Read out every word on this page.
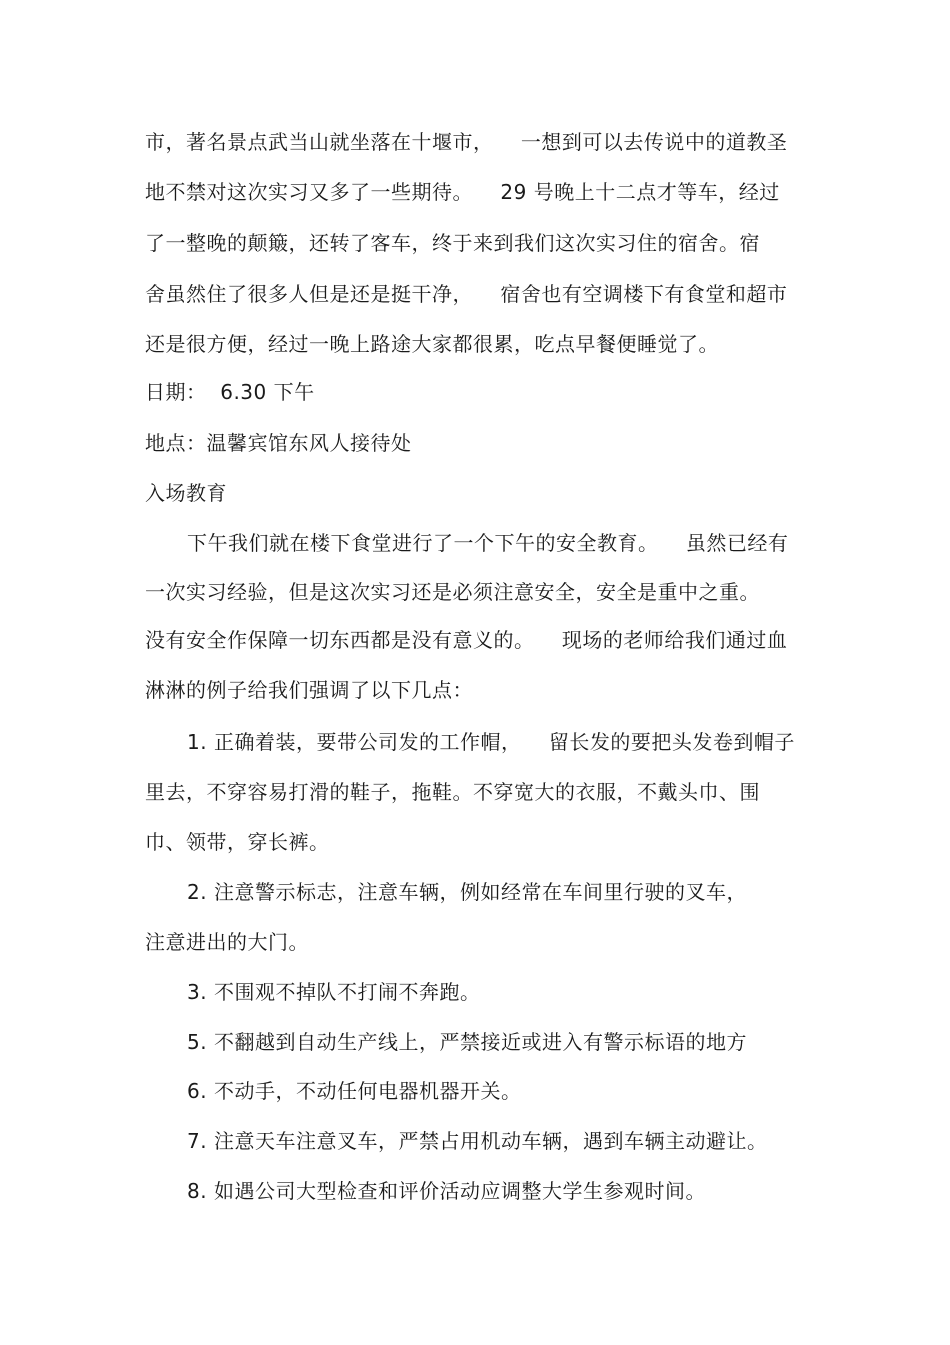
市，著名景点武当山就坐落在十堰市，    一想到可以去传说中的道教圣
地不禁对这次实习又多了一些期待。    29 号晚上十二点才等车，经过
了一整晚的颠簸，还转了客车，终于来到我们这次实习住的宿舍。宿
舍虽然住了很多人但是还是挺干净，    宿舍也有空调楼下有食堂和超市
还是很方便，经过一晚上路途大家都很累，吃点早餐便睡觉了。
日期：  6.30 下午
地点：温馨宾馆东风人接待处
入场教育
下午我们就在楼下食堂进行了一个下午的安全教育。    虽然已经有
一次实习经验，但是这次实习还是必须注意安全，安全是重中之重。
没有安全作保障一切东西都是没有意义的。    现场的老师给我们通过血
淋淋的例子给我们强调了以下几点：
1. 正确着装，要带公司发的工作帽，    留长发的要把头发卷到帽子
里去，不穿容易打滑的鞋子，拖鞋。不穿宽大的衣服，不戴头巾、围
巾、领带，穿长裤。
2. 注意警示标志，注意车辆，例如经常在车间里行驶的叉车，
注意进出的大门。
3. 不围观不掉队不打闹不奔跑。
5. 不翻越到自动生产线上，严禁接近或进入有警示标语的地方
6. 不动手，不动任何电器机器开关。
7. 注意天车注意叉车，严禁占用机动车辆，遇到车辆主动避让。
8. 如遇公司大型检查和评价活动应调整大学生参观时间。
